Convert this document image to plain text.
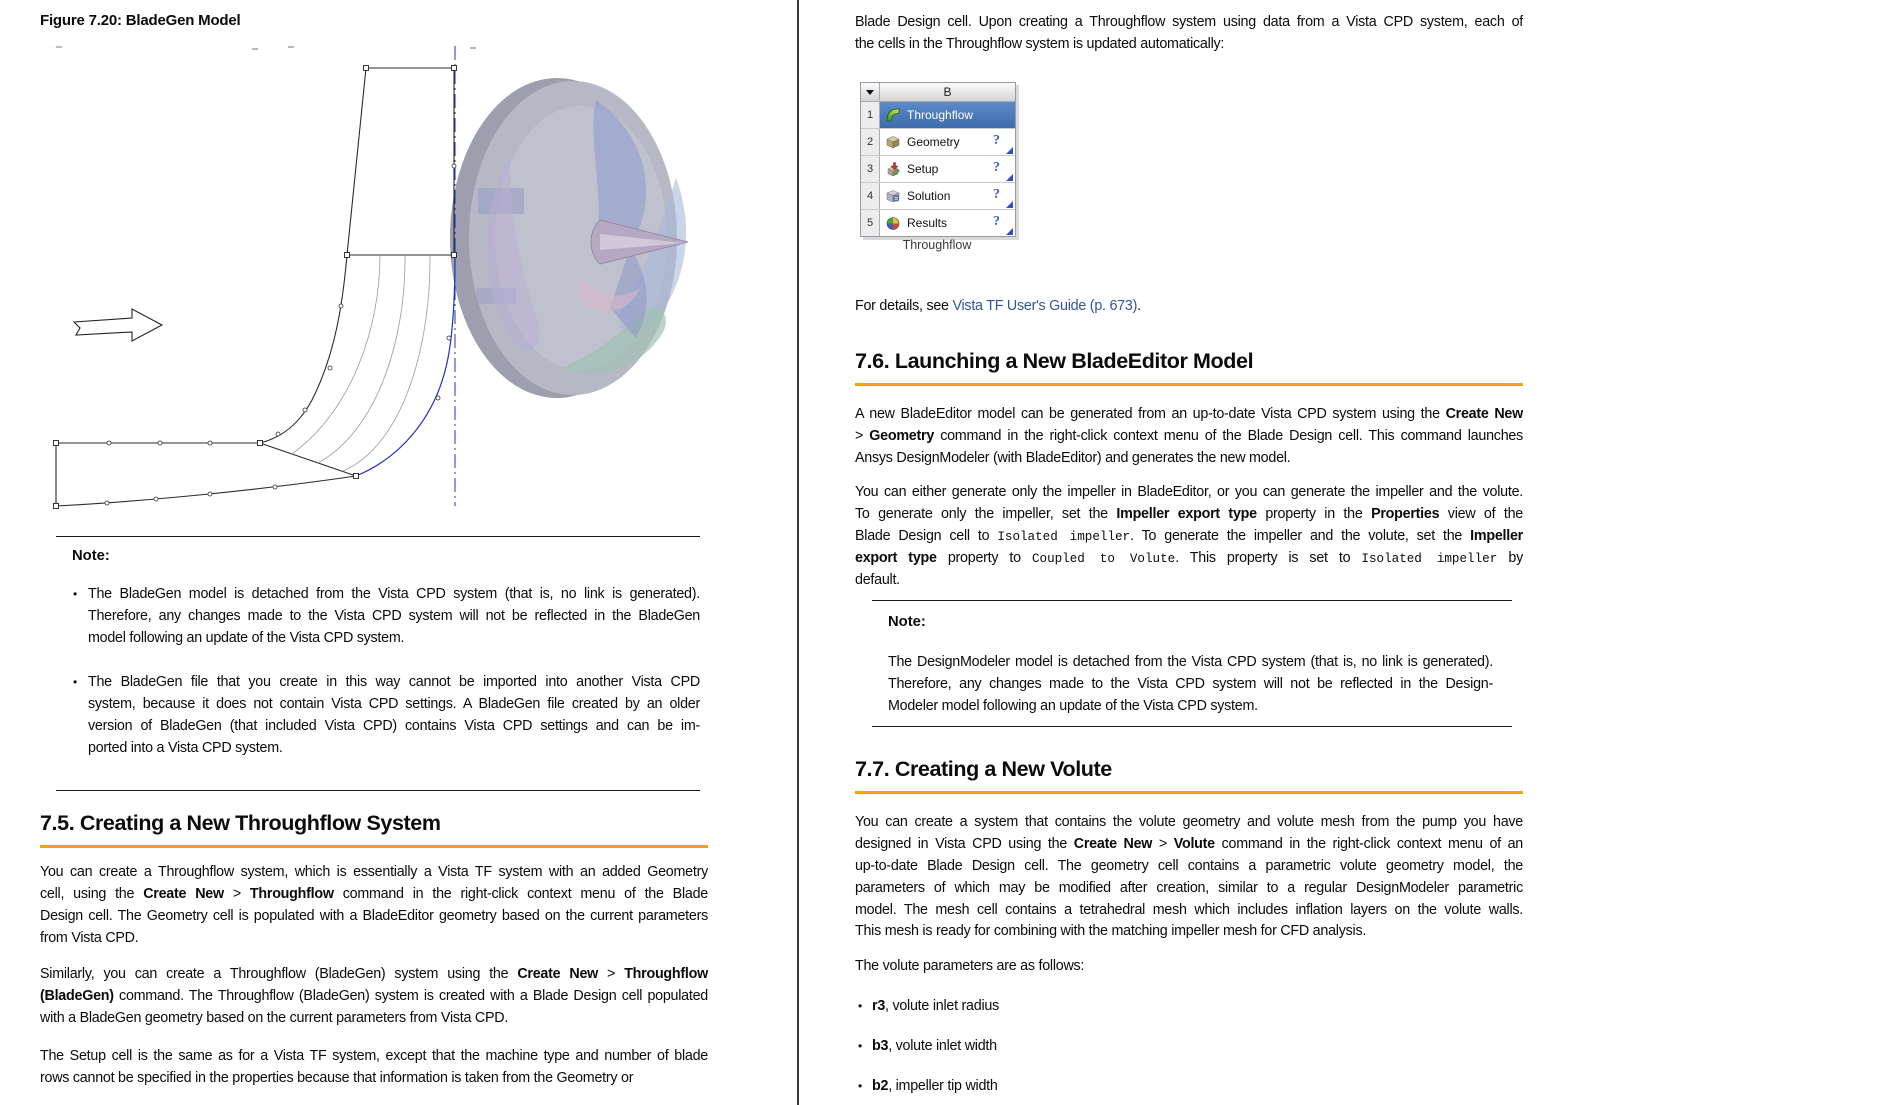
Figure 7.20: BladeGen Model
Note:
• The BladeGen model is detached from the Vista CPD system (that is, no link is generated).
Therefore, any changes made to the Vista CPD system will not be reflected in the BladeGen
model following an update of the Vista CPD system.
• The BladeGen file that you create in this way cannot be imported into another Vista CPD
system, because it does not contain Vista CPD settings. A BladeGen file created by an older
version of BladeGen (that included Vista CPD) contains Vista CPD settings and can be im-
ported into a Vista CPD system.
7.5. Creating a New Throughflow System
You can create a Throughflow system, which is essentially a Vista TF system with an added Geometry
cell, using the Create New > Throughflow command in the right-click context menu of the Blade
Design cell. The Geometry cell is populated with a BladeEditor geometry based on the current parameters
from Vista CPD.
Similarly, you can create a Throughflow (BladeGen) system using the Create New > Throughflow
(BladeGen) command. The Throughflow (BladeGen) system is created with a Blade Design cell populated
with a BladeGen geometry based on the current parameters from Vista CPD.
The Setup cell is the same as for a Vista TF system, except that the machine type and number of blade
rows cannot be specified in the properties because that information is taken from the Geometry or
Blade Design cell. Upon creating a Throughflow system using data from a Vista CPD system, each of
the cells in the Throughflow system is updated automatically:
B
1	Throughflow
2	Geometry ?
3	Setup	?
4	Solution	?
5	Results	?
Throughflow
For details, see Vista TF User's Guide (p. 673).
7.6. Launching a New BladeEditor Model
A new BladeEditor model can be generated from an up-to-date Vista CPD system using the Create New
> Geometry command in the right-click context menu of the Blade Design cell. This command launches
Ansys DesignModeler (with BladeEditor) and generates the new model.
You can either generate only the impeller in BladeEditor, or you can generate the impeller and the volute.
To generate only the impeller, set the Impeller export type property in the Properties view of the
Blade Design cell to Isolated impeller. To generate the impeller and the volute, set the Impeller
export type property to Coupled to Volute. This property is set to Isolated impeller by
default.
Note:
The DesignModeler model is detached from the Vista CPD system (that is, no link is generated).
Therefore, any changes made to the Vista CPD system will not be reflected in the Design-
Modeler model following an update of the Vista CPD system.
7.7. Creating a New Volute
You can create a system that contains the volute geometry and volute mesh from the pump you have
designed in Vista CPD using the Create New > Volute command in the right-click context menu of an
up-to-date Blade Design cell. The geometry cell contains a parametric volute geometry model, the
parameters of which may be modified after creation, similar to a regular DesignModeler parametric
model. The mesh cell contains a tetrahedral mesh which includes inflation layers on the volute walls.
This mesh is ready for combining with the matching impeller mesh for CFD analysis.
The volute parameters are as follows:
• r3, volute inlet radius
• b3, volute inlet width
• b2, impeller tip width
